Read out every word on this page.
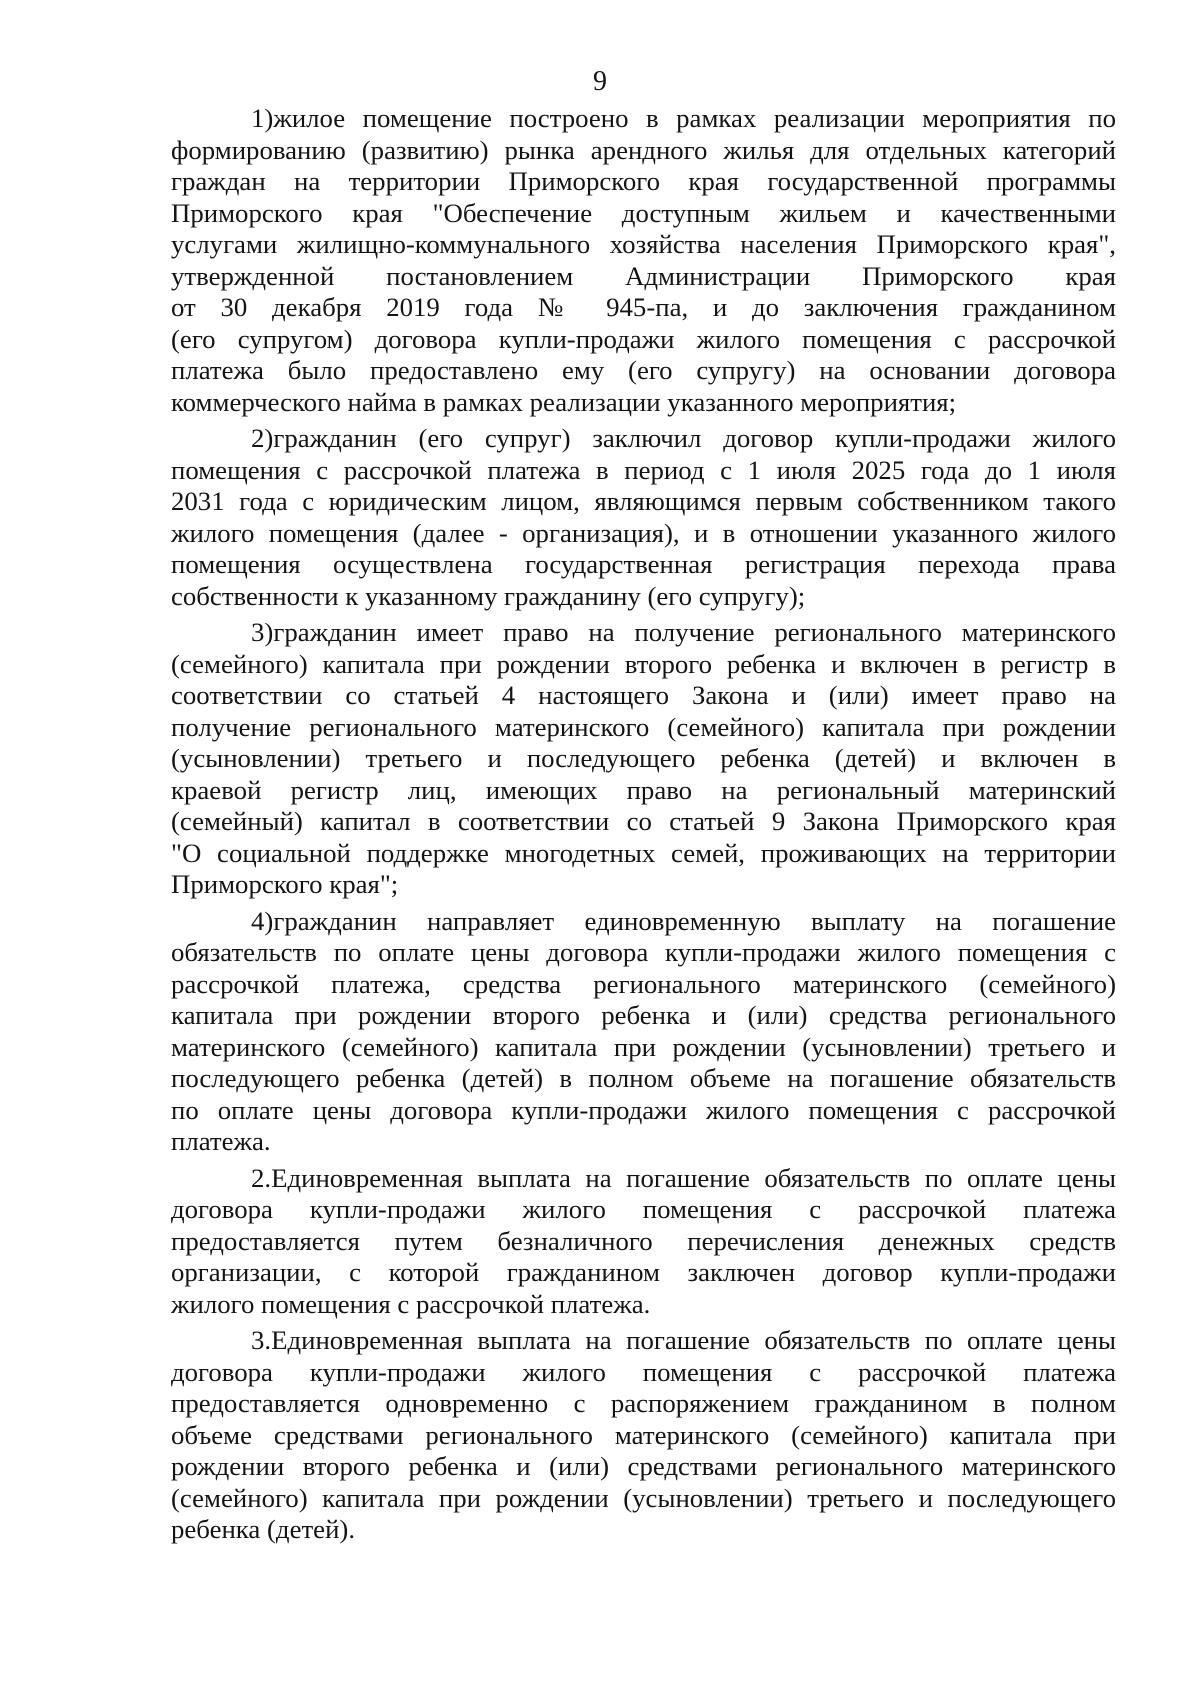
9
1)жилое помещение построено в рамках реализации мероприятия по
формированию (развитию) рынка арендного жилья для отдельных категорий
граждан на территории Приморского края государственной программы
Приморского края "Обеспечение доступным жильем и качественными
услугами жилищно-коммунального хозяйства населения Приморского края",
утвержденной постановлением Администрации Приморского края
от 30 декабря 2019 года № 945-па, и до заключения гражданином
(его супругом) договора купли-продажи жилого помещения с рассрочкой
платежа было предоставлено ему (его супругу) на основании договора
коммерческого найма в рамках реализации указанного мероприятия;
2)гражданин (его супруг) заключил договор купли-продажи жилого
помещения с рассрочкой платежа в период с 1 июля 2025 года до 1 июля
2031 года с юридическим лицом, являющимся первым собственником такого
жилого помещения (далее - организация), и в отношении указанного жилого
помещения осуществлена государственная регистрация перехода права
собственности к указанному гражданину (его супругу);
3)гражданин имеет право на получение регионального материнского
(семейного) капитала при рождении второго ребенка и включен в регистр в
соответствии со статьей 4 настоящего Закона и (или) имеет право на
получение регионального материнского (семейного) капитала при рождении
(усыновлении) третьего и последующего ребенка (детей) и включен в
краевой регистр лиц, имеющих право на региональный материнский
(семейный) капитал в соответствии со статьей 9 Закона Приморского края
"О социальной поддержке многодетных семей, проживающих на территории
Приморского края";
4)гражданин направляет единовременную выплату на погашение
обязательств по оплате цены договора купли-продажи жилого помещения с
рассрочкой платежа, средства регионального материнского (семейного)
капитала при рождении второго ребенка и (или) средства регионального
материнского (семейного) капитала при рождении (усыновлении) третьего и
последующего ребенка (детей) в полном объеме на погашение обязательств
по оплате цены договора купли-продажи жилого помещения с рассрочкой
платежа.
2.Единовременная выплата на погашение обязательств по оплате цены
договора купли-продажи жилого помещения с рассрочкой платежа
предоставляется путем безналичного перечисления денежных средств
организации, с которой гражданином заключен договор купли-продажи
жилого помещения с рассрочкой платежа.
3.Единовременная выплата на погашение обязательств по оплате цены
договора купли-продажи жилого помещения с рассрочкой платежа
предоставляется одновременно с распоряжением гражданином в полном
объеме средствами регионального материнского (семейного) капитала при
рождении второго ребенка и (или) средствами регионального материнского
(семейного) капитала при рождении (усыновлении) третьего и последующего
ребенка (детей).
